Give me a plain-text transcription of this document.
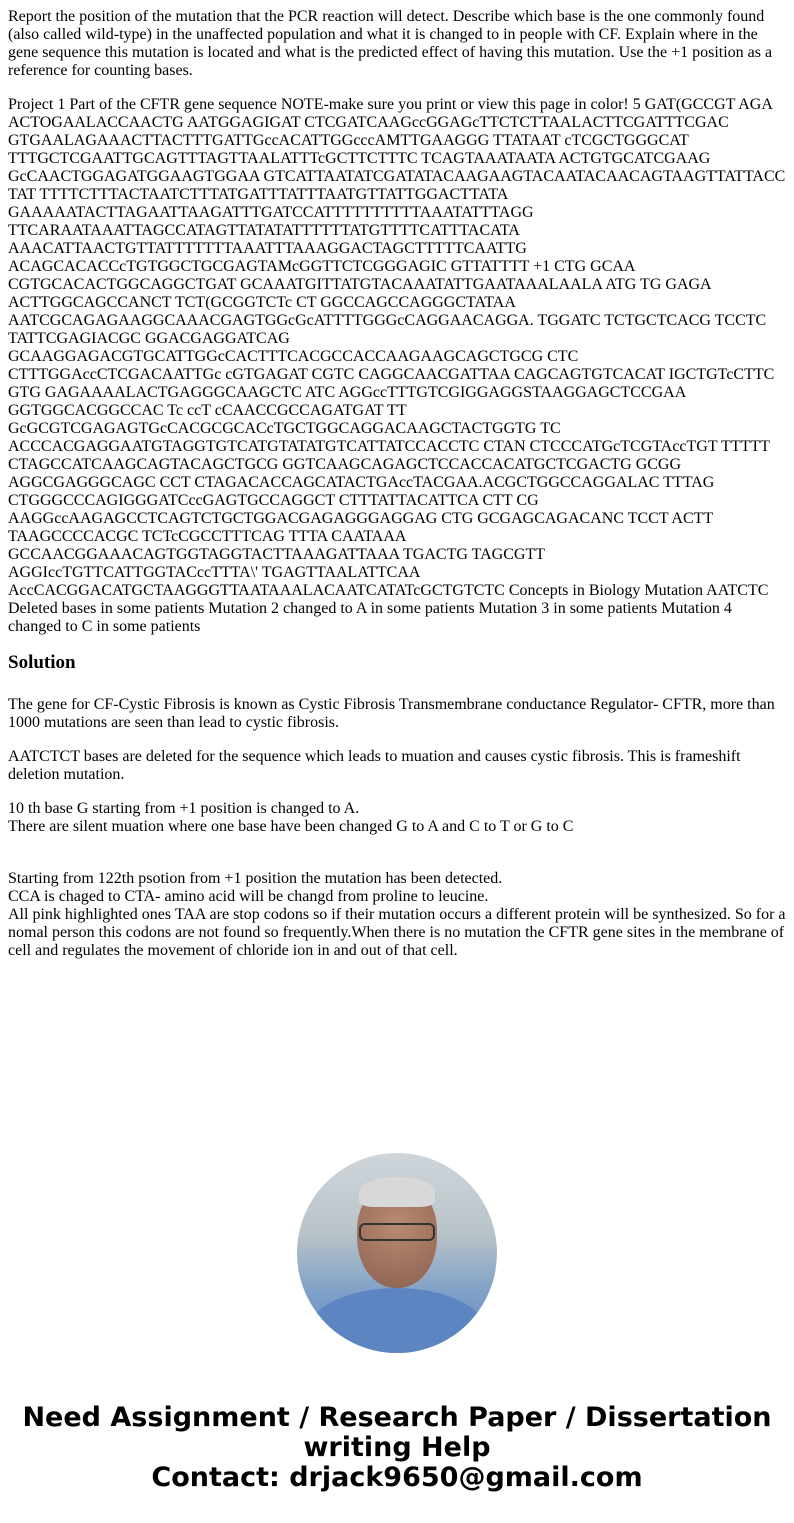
Report the position of the mutation that the PCR reaction will detect. Describe which base is the one commonly found (also called wild-type) in the unaffected population and what it is changed to in people with CF. Explain where in the gene sequence this mutation is located and what is the predicted effect of having this mutation. Use the +1 position as a reference for counting bases.

Project 1 Part of the CFTR gene sequence NOTE-make sure you print or view this page in color! 5 GAT(GCCGT AGA ACTOGAALACCAACTG AATGGAGIGAT CTCGATCAAGccGGAGcTTCTCTTAALACTTCGATTTCGAC GTGAALAGAAACTTACTTTGATTGccACATTGGcccAMTTGAAGGG TTATAAT cTCGCTGGGCAT TTTGCTCGAATTGCAGTTTAGTTAALATTTcGCTTCTTTC TCAGTAAATAATA ACTGTGCATCGAAG GcCAACTGGAGATGGAAGTGGAA GTCATTAATATCGATATACAAGAAGTACAATACAACAGTAAGTTATTACC TAT TTTTCTTTACTAATCTTTATGATTTATTTAATGTTATTGGACTTATA GAAAAATACTTAGAATTAAGATTTGATCCATTTTTTTTTTAAATATTTAGG TTCARAATAAATTAGCCATAGTTATATATTTTTTATGTTTTCATTTACATA AAACATTAACTGTTATTTTTTTAAATTTAAAGGACTAGCTTTTTCAATTG ACAGCACACCcTGTGGCTGCGAGTAMcGGTTCTCGGGAGIC GTTATTTT +1 CTG GCAA CGTGCACACTGGCAGGCTGAT GCAAATGITTATGTACAAATATTGAATAAALAALA ATG TG GAGA ACTTGGCAGCCANCT TCT(GCGGTCTc CT GGCCAGCCAGGGCTATAA AATCGCAGAGAAGGCAAACGAGTGGcGcATTTTGGGcCAGGAACAGGA. TGGATC TCTGCTCACG TCCTC TATTCGAGIACGC GGACGAGGATCAG GCAAGGAGACGTGCATTGGcCACTTTCACGCCACCAAGAAGCAGCTGCG CTC CTTTGGAccCTCGACAATTGc cGTGAGAT CGTC CAGGCAACGATTAA CAGCAGTGTCACAT IGCTGTcCTTC GTG GAGAAAALACTGAGGGCAAGCTC ATC AGGccTTTGTCGIGGAGGSTAAGGAGCTCCGAA GGTGGCACGGCCAC Tc ccT cCAACCGCCAGATGAT TT GcGCGTCGAGAGTGcCACGCGCACcTGCTGGCAGGACAAGCTACTGGTG TC ACCCACGAGGAATGTAGGTGTCATGTATATGTCATTATCCACCTC CTAN CTCCCATGcTCGTAccTGT TTTTT CTAGCCATCAAGCAGTACAGCTGCG GGTCAAGCAGAGCTCCACCACATGCTCGACTG GCGG AGGCGAGGGCAGC CCT CTAGACACCAGCATACTGAccTACGAA.ACGCTGGCCAGGALAC TTTAG CTGGGCCCAGIGGGATCccGAGTGCCAGGCT CTTTATTACATTCA CTT CG AAGGccAAGAGCCTCAGTCTGCTGGACGAGAGGGAGGAG CTG GCGAGCAGACANC TCCT ACTT TAAGCCCCACGC TCTcCGCCTTTCAG TTTA CAATAAA GCCAACGGAAACAGTGGTAGGTACTTAAAGATTAAA TGACTG TAGCGTT AGGIccTGTTCATTGGTACccTTTA\' TGAGTTAALATTCAA AccCACGGACATGCTAAGGGTTAATAAALACAATCATATcGCTGTCTC Concepts in Biology Mutation AATCTC Deleted bases in some patients Mutation 2 changed to A in some patients Mutation 3 in some patients Mutation 4 changed to C in some patients

Solution

The gene for CF-Cystic Fibrosis is known as Cystic Fibrosis Transmembrane conductance Regulator- CFTR, more than 1000 mutations are seen than lead to cystic fibrosis.

AATCTCT bases are deleted for the sequence which leads to muation and causes cystic fibrosis. This is frameshift deletion mutation.

10 th base G starting from +1 position is changed to A.
There are silent muation where one base have been changed G to A and C to T or G to C

Starting from 122th psotion from +1 position the mutation has been detected.
CCA is chaged to CTA- amino acid will be changd from proline to leucine.
All pink highlighted ones TAA are stop codons so if their mutation occurs a different protein will be synthesized. So for a nomal person this codons are not found so frequently.When there is no mutation the CFTR gene sites in the membrane of cell and regulates the movement of chloride ion in and out of that cell.

Need Assignment / Research Paper / Dissertation writing Help
Contact: drjack9650@gmail.com
